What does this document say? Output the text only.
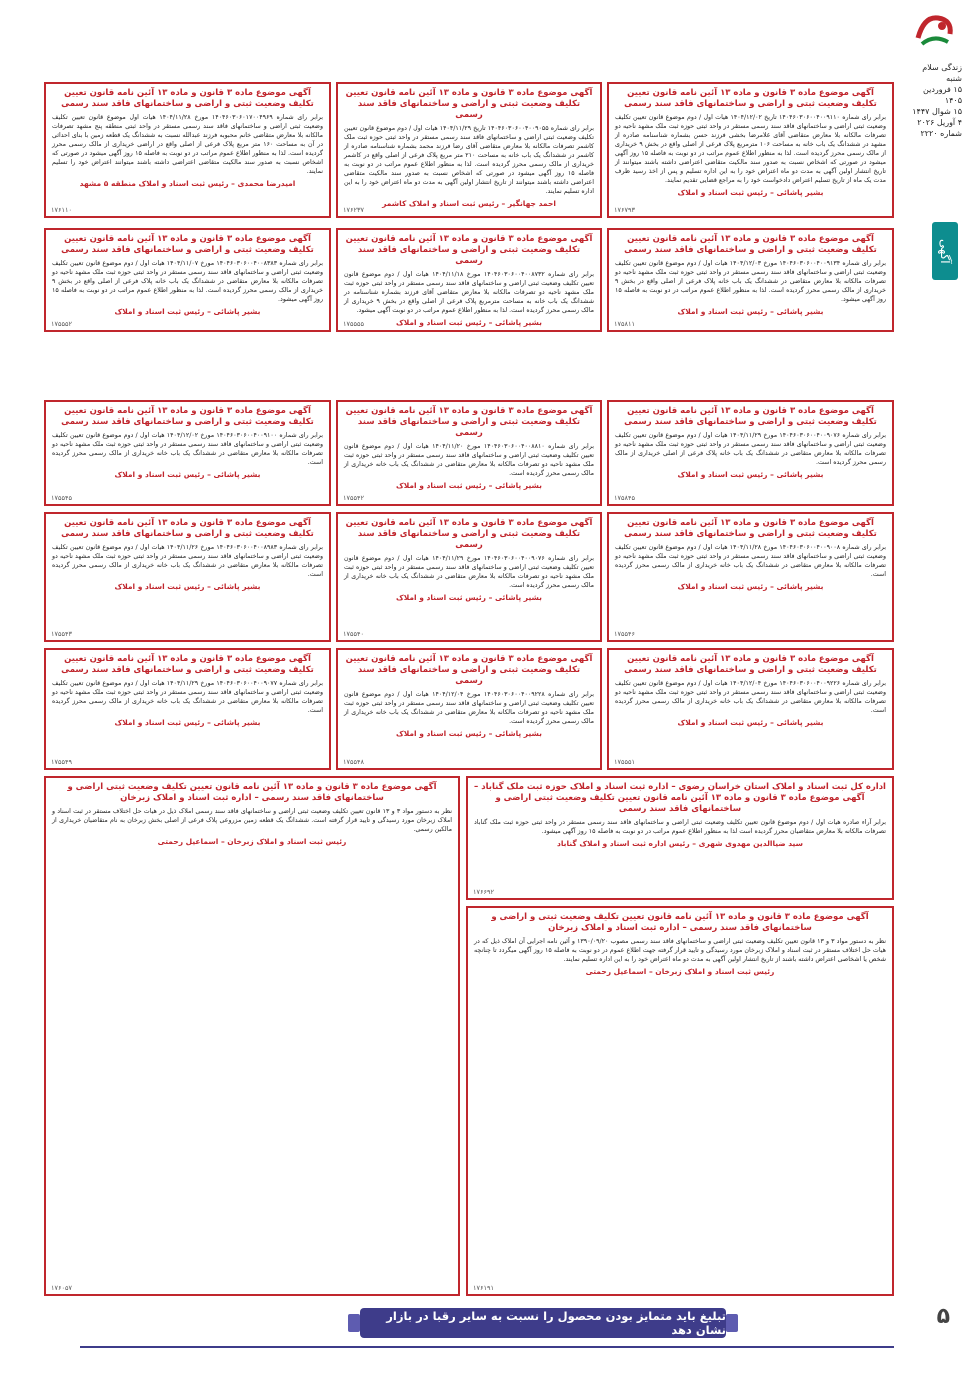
زندگی سلام
شنبه
۱۵ فروردین ۱۴۰۵
۱۵ شوال ۱۴۴۷
۴ آوریل ۲۰۲۶
شماره ۲۲۲۰
آگهی
۵
آگهی موضوع ماده ۳ قانون و ماده ۱۳ آئین نامه قانون تعیین تکلیف وضعیت ثبتی و اراضی و ساختمانهای فاقد سند رسمی
برابر رای شماره ۱۴۰۴۶۰۳۰۶۰۰۴۰۰۹۱۱۰ تاریخ ۱۴۰۴/۱۲/۰۲ هیات اول / دوم موضوع قانون تعیین تکلیف وضعیت ثبتی اراضی و ساختمانهای فاقد سند رسمی مستقر در واحد ثبتی حوزه ثبت ملک مشهد ناحیه دو تصرفات مالکانه بلا معارض متقاضی آقای غلامرضا بخشی فرزند حسن بشماره شناسنامه صادره از مشهد در ششدانگ یک باب خانه به مساحت ۱۰۶ مترمربع پلاک فرعی از اصلی واقع در بخش ۹ خریداری از مالک رسمی محرز گردیده است. لذا به منظور اطلاع عموم مراتب در دو نوبت به فاصله ۱۵ روز آگهی میشود در صورتی که اشخاص نسبت به صدور سند مالکیت متقاضی اعتراضی داشته باشند میتوانند از تاریخ انتشار اولین آگهی به مدت دو ماه اعتراض خود را به این اداره تسلیم و پس از اخذ رسید ظرف مدت یک ماه از تاریخ تسلیم اعتراض دادخواست خود را به مراجع قضایی تقدیم نمایند.
بشیر پاشائی – رئیس ثبت اسناد و املاک
۱۷۶۷۹۳
آگهی موضوع ماده ۳ قانون و ماده ۱۳ آئین نامه قانون تعیین تکلیف وضعیت ثبتی و اراضی و ساختمانهای فاقد سند رسمی
برابر رای شماره ۱۴۰۴۶۰۳۰۶۰۰۴۰۰۹۰۵۵ تاریخ ۱۴۰۴/۱۱/۲۹ هیات اول / دوم موضوع قانون تعیین تکلیف وضعیت ثبتی اراضی و ساختمانهای فاقد سند رسمی مستقر در واحد ثبتی حوزه ثبت ملک کاشمر تصرفات مالکانه بلا معارض متقاضی آقای رضا فرزند محمد بشماره شناسنامه صادره از کاشمر در ششدانگ یک باب خانه به مساحت ۲۱۰ متر مربع پلاک فرعی از اصلی واقع در کاشمر خریداری از مالک رسمی محرز گردیده است. لذا به منظور اطلاع عموم مراتب در دو نوبت به فاصله ۱۵ روز آگهی میشود در صورتی که اشخاص نسبت به صدور سند مالکیت متقاضی اعتراضی داشته باشند میتوانند از تاریخ انتشار اولین آگهی به مدت دو ماه اعتراض خود را به این اداره تسلیم نمایند.
احمد جهانگیر – رئیس ثبت اسناد و املاک کاشمر
۱۷۶۲۳۷
آگهی موضوع ماده ۳ قانون و ماده ۱۳ آئین نامه قانون تعیین تکلیف وضعیت ثبتی و اراضی و ساختمانهای فاقد سند رسمی
برابر رای شماره ۱۴۰۴۶۰۳۰۶۰۱۷۰۰۴۹۶۹ مورخ ۱۴۰۴/۱۱/۲۸ هیات اول موضوع قانون تعیین تکلیف وضعیت ثبتی اراضی و ساختمانهای فاقد سند رسمی مستقر در واحد ثبتی منطقه پنج مشهد تصرفات مالکانه بلا معارض متقاضی خانم محبوبه فرزند عبدالله نسبت به ششدانگ یک قطعه زمین با بنای احداثی در آن به مساحت ۱۶۰ متر مربع پلاک فرعی از اصلی واقع در اراضی خریداری از مالک رسمی محرز گردیده است. لذا به منظور اطلاع عموم مراتب در دو نوبت به فاصله ۱۵ روز آگهی میشود در صورتی که اشخاص نسبت به صدور سند مالکیت متقاضی اعتراضی داشته باشند میتوانند اعتراض خود را تسلیم نمایند.
امیدرضا محمدی – رئیس ثبت اسناد و املاک منطقه ۵ مشهد
۱۷۶۱۱۰
آگهی موضوع ماده ۳ قانون و ماده ۱۳ آئین نامه قانون تعیین تکلیف وضعیت ثبتی و اراضی و ساختمانهای فاقد سند رسمی
برابر رای شماره ۱۴۰۴۶۰۳۰۶۰۰۴۰۰۹۱۳۴ مورخ ۱۴۰۴/۱۲/۰۳ هیات اول / دوم موضوع قانون تعیین تکلیف وضعیت ثبتی اراضی و ساختمانهای فاقد سند رسمی مستقر در واحد ثبتی حوزه ثبت ملک مشهد ناحیه دو تصرفات مالکانه بلا معارض متقاضی در ششدانگ یک باب خانه پلاک فرعی از اصلی واقع در بخش ۹ خریداری از مالک رسمی محرز گردیده است. لذا به منظور اطلاع عموم مراتب در دو نوبت به فاصله ۱۵ روز آگهی میشود.
بشیر پاشائی – رئیس ثبت اسناد و املاک
۱۷۵۸۱۱
آگهی موضوع ماده ۳ قانون و ماده ۱۳ آئین نامه قانون تعیین تکلیف وضعیت ثبتی و اراضی و ساختمانهای فاقد سند رسمی
برابر رای شماره ۱۴۰۴۶۰۳۰۶۰۰۴۰۰۸۷۳۲ مورخ ۱۴۰۴/۱۱/۱۸ هیات اول / دوم موضوع قانون تعیین تکلیف وضعیت ثبتی اراضی و ساختمانهای فاقد سند رسمی مستقر در واحد ثبتی حوزه ثبت ملک مشهد ناحیه دو تصرفات مالکانه بلا معارض متقاضی آقای فرزند بشماره شناسنامه در ششدانگ یک باب خانه به مساحت مترمربع پلاک فرعی از اصلی واقع در بخش ۹ خریداری از مالک رسمی محرز گردیده است. لذا به منظور اطلاع عموم مراتب در دو نوبت آگهی میشود.
بشیر پاشائی – رئیس ثبت اسناد و املاک
۱۷۵۵۵۵
آگهی موضوع ماده ۳ قانون و ماده ۱۳ آئین نامه قانون تعیین تکلیف وضعیت ثبتی و اراضی و ساختمانهای فاقد سند رسمی
برابر رای شماره ۱۴۰۴۶۰۳۰۶۰۰۴۰۰۸۳۸۳ مورخ ۱۴۰۴/۱۱/۰۷ هیات اول / دوم موضوع قانون تعیین تکلیف وضعیت ثبتی اراضی و ساختمانهای فاقد سند رسمی مستقر در واحد ثبتی حوزه ثبت ملک مشهد ناحیه دو تصرفات مالکانه بلا معارض متقاضی در ششدانگ یک باب خانه پلاک فرعی از اصلی واقع در بخش ۹ خریداری از مالک رسمی محرز گردیده است. لذا به منظور اطلاع عموم مراتب در دو نوبت به فاصله ۱۵ روز آگهی میشود.
بشیر پاشائی – رئیس ثبت اسناد و املاک
۱۷۵۵۵۲
آگهی موضوع ماده ۳ قانون و ماده ۱۳ آئین نامه قانون تعیین تکلیف وضعیت ثبتی و اراضی و ساختمانهای فاقد سند رسمی
برابر رای شماره ۱۴۰۴۶۰۳۰۶۰۰۴۰۰۹۰۷۶ مورخ ۱۴۰۴/۱۱/۲۹ هیات اول / دوم موضوع قانون تعیین تکلیف وضعیت ثبتی اراضی و ساختمانهای فاقد سند رسمی مستقر در واحد ثبتی حوزه ثبت ملک مشهد ناحیه دو تصرفات مالکانه بلا معارض متقاضی در ششدانگ یک باب خانه پلاک فرعی از اصلی خریداری از مالک رسمی محرز گردیده است.
بشیر پاشائی – رئیس ثبت اسناد و املاک
۱۷۵۸۴۵
آگهی موضوع ماده ۳ قانون و ماده ۱۳ آئین نامه قانون تعیین تکلیف وضعیت ثبتی و اراضی و ساختمانهای فاقد سند رسمی
برابر رای شماره ۱۴۰۴۶۰۳۰۶۰۰۴۰۰۸۸۱۰ مورخ ۱۴۰۴/۱۱/۲۰ هیات اول / دوم موضوع قانون تعیین تکلیف وضعیت ثبتی اراضی و ساختمانهای فاقد سند رسمی مستقر در واحد ثبتی حوزه ثبت ملک مشهد ناحیه دو تصرفات مالکانه بلا معارض متقاضی در ششدانگ یک باب خانه خریداری از مالک رسمی محرز گردیده است.
بشیر پاشائی – رئیس ثبت اسناد و املاک
۱۷۵۵۴۲
آگهی موضوع ماده ۳ قانون و ماده ۱۳ آئین نامه قانون تعیین تکلیف وضعیت ثبتی و اراضی و ساختمانهای فاقد سند رسمی
برابر رای شماره ۱۴۰۴۶۰۳۰۶۰۰۴۰۰۹۱۰۰ مورخ ۱۴۰۴/۱۲/۰۲ هیات اول / دوم موضوع قانون تعیین تکلیف وضعیت ثبتی اراضی و ساختمانهای فاقد سند رسمی مستقر در واحد ثبتی حوزه ثبت ملک مشهد ناحیه دو تصرفات مالکانه بلا معارض متقاضی در ششدانگ یک باب خانه خریداری از مالک رسمی محرز گردیده است.
بشیر پاشائی – رئیس ثبت اسناد و املاک
۱۷۵۵۴۵
آگهی موضوع ماده ۳ قانون و ماده ۱۳ آئین نامه قانون تعیین تکلیف وضعیت ثبتی و اراضی و ساختمانهای فاقد سند رسمی
برابر رای شماره ۱۴۰۴۶۰۳۰۶۰۰۴۰۰۹۰۰۸ مورخ ۱۴۰۴/۱۱/۲۸ هیات اول / دوم موضوع قانون تعیین تکلیف وضعیت ثبتی اراضی و ساختمانهای فاقد سند رسمی مستقر در واحد ثبتی حوزه ثبت ملک مشهد ناحیه دو تصرفات مالکانه بلا معارض متقاضی در ششدانگ یک باب خانه خریداری از مالک رسمی محرز گردیده است.
بشیر پاشائی – رئیس ثبت اسناد و املاک
۱۷۵۵۴۶
آگهی موضوع ماده ۳ قانون و ماده ۱۳ آئین نامه قانون تعیین تکلیف وضعیت ثبتی و اراضی و ساختمانهای فاقد سند رسمی
برابر رای شماره ۱۴۰۴۶۰۳۰۶۰۰۴۰۰۹۰۷۶ مورخ ۱۴۰۴/۱۱/۲۹ هیات اول / دوم موضوع قانون تعیین تکلیف وضعیت ثبتی اراضی و ساختمانهای فاقد سند رسمی مستقر در واحد ثبتی حوزه ثبت ملک مشهد ناحیه دو تصرفات مالکانه بلا معارض متقاضی در ششدانگ یک باب خانه خریداری از مالک رسمی محرز گردیده است.
بشیر پاشائی – رئیس ثبت اسناد و املاک
۱۷۵۵۴۰
آگهی موضوع ماده ۳ قانون و ماده ۱۳ آئین نامه قانون تعیین تکلیف وضعیت ثبتی و اراضی و ساختمانهای فاقد سند رسمی
برابر رای شماره ۱۴۰۴۶۰۳۰۶۰۰۴۰۰۸۹۸۳ مورخ ۱۴۰۴/۱۱/۲۶ هیات اول / دوم موضوع قانون تعیین تکلیف وضعیت ثبتی اراضی و ساختمانهای فاقد سند رسمی مستقر در واحد ثبتی حوزه ثبت ملک مشهد ناحیه دو تصرفات مالکانه بلا معارض متقاضی در ششدانگ یک باب خانه خریداری از مالک رسمی محرز گردیده است.
بشیر پاشائی – رئیس ثبت اسناد و املاک
۱۷۵۵۴۳
آگهی موضوع ماده ۳ قانون و ماده ۱۳ آئین نامه قانون تعیین تکلیف وضعیت ثبتی و اراضی و ساختمانهای فاقد سند رسمی
برابر رای شماره ۱۴۰۴۶۰۳۰۶۰۰۴۰۰۹۲۲۶ مورخ ۱۴۰۴/۱۲/۰۴ هیات اول / دوم موضوع قانون تعیین تکلیف وضعیت ثبتی اراضی و ساختمانهای فاقد سند رسمی مستقر در واحد ثبتی حوزه ثبت ملک مشهد ناحیه دو تصرفات مالکانه بلا معارض متقاضی در ششدانگ یک باب خانه خریداری از مالک رسمی محرز گردیده است.
بشیر پاشائی – رئیس ثبت اسناد و املاک
۱۷۵۵۵۱
آگهی موضوع ماده ۳ قانون و ماده ۱۳ آئین نامه قانون تعیین تکلیف وضعیت ثبتی و اراضی و ساختمانهای فاقد سند رسمی
برابر رای شماره ۱۴۰۴۶۰۳۰۶۰۰۴۰۰۹۲۲۸ مورخ ۱۴۰۴/۱۲/۰۴ هیات اول / دوم موضوع قانون تعیین تکلیف وضعیت ثبتی اراضی و ساختمانهای فاقد سند رسمی مستقر در واحد ثبتی حوزه ثبت ملک مشهد ناحیه دو تصرفات مالکانه بلا معارض متقاضی در ششدانگ یک باب خانه خریداری از مالک رسمی محرز گردیده است.
بشیر پاشائی – رئیس ثبت اسناد و املاک
۱۷۵۵۴۸
آگهی موضوع ماده ۳ قانون و ماده ۱۳ آئین نامه قانون تعیین تکلیف وضعیت ثبتی و اراضی و ساختمانهای فاقد سند رسمی
برابر رای شماره ۱۴۰۴۶۰۳۰۶۰۰۴۰۰۹۰۷۷ مورخ ۱۴۰۴/۱۱/۲۹ هیات اول / دوم موضوع قانون تعیین تکلیف وضعیت ثبتی اراضی و ساختمانهای فاقد سند رسمی مستقر در واحد ثبتی حوزه ثبت ملک مشهد ناحیه دو تصرفات مالکانه بلا معارض متقاضی در ششدانگ یک باب خانه خریداری از مالک رسمی محرز گردیده است.
بشیر پاشائی – رئیس ثبت اسناد و املاک
۱۷۵۵۴۹
اداره کل ثبت اسناد و املاک استان خراسان رضوی – اداره ثبت اسناد و املاک حوزه ثبت ملک گناباد – آگهی موضوع ماده ۳ قانون و ماده ۱۳ آئین نامه قانون تعیین تکلیف وضعیت ثبتی اراضی و ساختمانهای فاقد سند رسمی
برابر آراء صادره هیات اول / دوم موضوع قانون تعیین تکلیف وضعیت ثبتی اراضی و ساختمانهای فاقد سند رسمی مستقر در واحد ثبتی حوزه ثبت ملک گناباد تصرفات مالکانه بلا معارض متقاضیان محرز گردیده است لذا به منظور اطلاع عموم مراتب در دو نوبت به فاصله ۱۵ روز آگهی میشود.
سید ضیاالدین مهدوی شهری – رئیس اداره ثبت اسناد و املاک گناباد
۱۷۶۶۹۲
آگهی موضوع ماده ۳ قانون و ماده ۱۳ آئین نامه قانون تعیین تکلیف وضعیت ثبتی و اراضی و ساختمانهای فاقد سند رسمی – اداره ثبت اسناد و املاک زبرخان
نظر به دستور مواد ۳ و ۱۳ قانون تعیین تکلیف وضعیت ثبتی اراضی و ساختمانهای فاقد سند رسمی مصوب ۱۳۹۰/۰۹/۲۰ و آئین نامه اجرایی آن املاک ذیل که در هیات حل اختلاف مستقر در ثبت اسناد و املاک زبرخان مورد رسیدگی و تایید قرار گرفته جهت اطلاع عموم در دو نوبت به فاصله ۱۵ روز آگهی میگردد تا چنانچه شخص یا اشخاصی اعتراض داشته باشند از تاریخ انتشار اولین آگهی به مدت دو ماه اعتراض خود را به این اداره تسلیم نمایند.
رئیس ثبت اسناد و املاک زبرخان – اسماعیل رحمتی
۱۷۶۱۹۱
آگهی موضوع ماده ۳ قانون و ماده ۱۳ آئین نامه قانون تعیین تکلیف وضعیت ثبتی اراضی و ساختمانهای فاقد سند رسمی – اداره ثبت اسناد و املاک زبرخان
نظر به دستور مواد ۳ و ۱۳ قانون تعیین تکلیف وضعیت ثبتی اراضی و ساختمانهای فاقد سند رسمی املاک ذیل در هیات حل اختلاف مستقر در ثبت اسناد و املاک زبرخان مورد رسیدگی و تایید قرار گرفته است. ششدانگ یک قطعه زمین مزروعی پلاک فرعی از اصلی بخش زبرخان به نام متقاضیان خریداری از مالکین رسمی.
رئیس ثبت اسناد و املاک زبرخان – اسماعیل رحمتی
۱۷۶۰۵۷
تبلیغ باید متمایز بودن محصول را نسبت به سایر رقبا در بازار نشان دهد
